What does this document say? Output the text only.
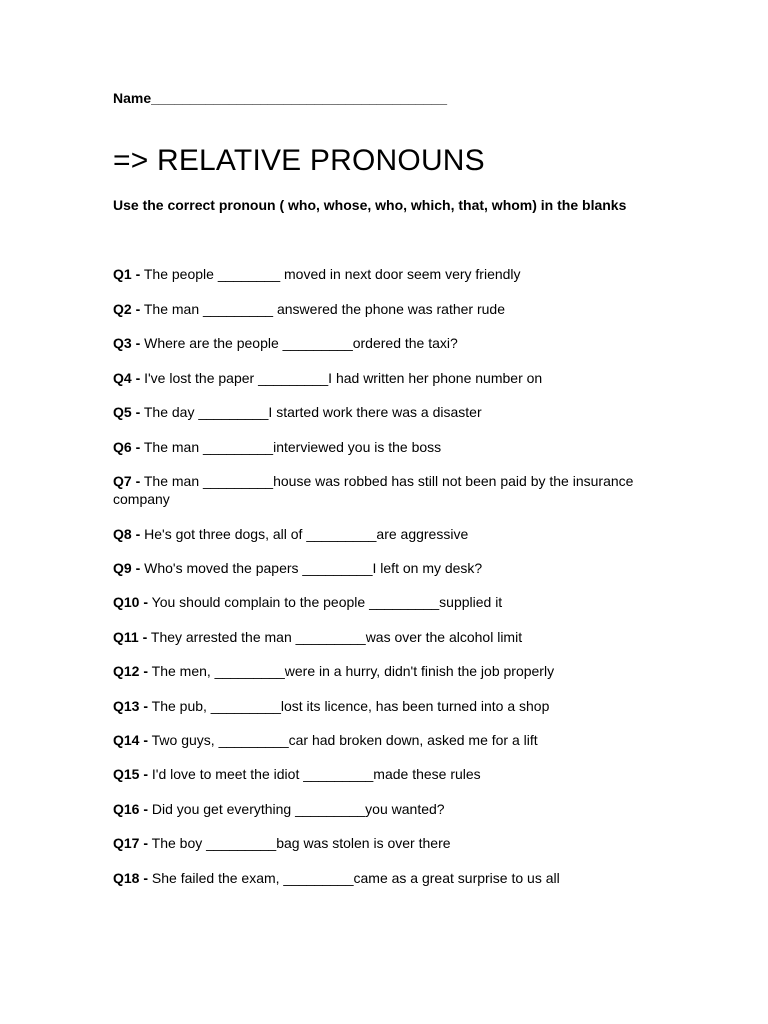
Name______________________________________
=> RELATIVE PRONOUNS
Use the correct pronoun ( who, whose, who, which, that, whom) in the blanks
Q1 - The people ________ moved in next door seem very friendly
Q2 - The man _________ answered the phone was rather rude
Q3 - Where are the people _________ordered the taxi?
Q4 - I've lost the paper _________I had written her phone number on
Q5 - The day _________I started work there was a disaster
Q6 - The man _________interviewed you is the boss
Q7 - The man _________house was robbed has still not been paid by the insurance company
Q8 - He's got three dogs, all of _________are aggressive
Q9 - Who's moved the papers _________I left on my desk?
Q10 - You should complain to the people _________supplied it
Q11 - They arrested the man _________was over the alcohol limit
Q12 - The men, _________were in a hurry, didn't finish the job properly
Q13 - The pub, _________lost its licence, has been turned into a shop
Q14 - Two guys, _________car had broken down, asked me for a lift
Q15 - I'd love to meet the idiot _________made these rules
Q16 - Did you get everything _________you wanted?
Q17 - The boy _________bag was stolen is over there
Q18 - She failed the exam, _________came as a great surprise to us all
